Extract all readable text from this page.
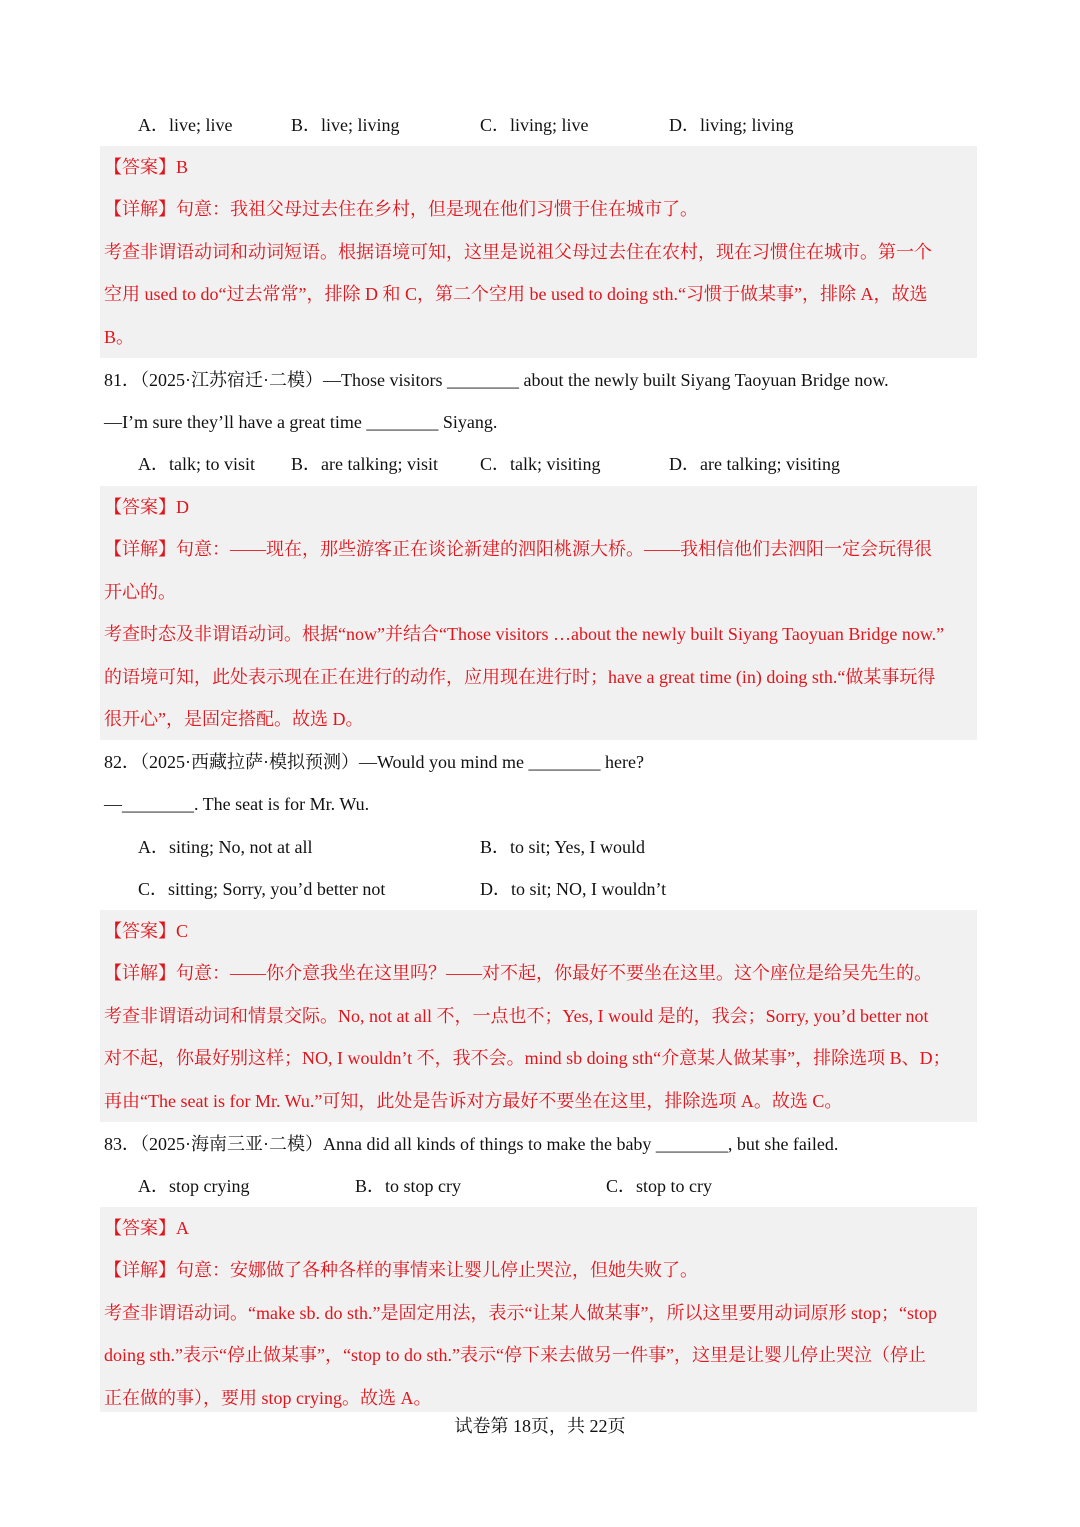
A．live; live	B．live; living	C．living; live	D．living; living
【答案】B
【详解】句意：我祖父母过去住在乡村，但是现在他们习惯于住在城市了。
考查非谓语动词和动词短语。根据语境可知，这里是说祖父母过去住在农村，现在习惯住在城市。第一个
空用 used to do“过去常常”，排除 D 和 C，第二个空用 be used to doing sth.“习惯于做某事”，排除 A，故选
B。
81．（2025·江苏宿迁·二模）—Those visitors ________ about the newly built Siyang Taoyuan Bridge now.
—I’m sure they’ll have a great time ________ Siyang.
A．talk; to visit B．are talking; visit C．talk; visiting	D．are talking; visiting
【答案】D
【详解】句意：——现在，那些游客正在谈论新建的泗阳桃源大桥。——我相信他们去泗阳一定会玩得很
开心的。
考查时态及非谓语动词。根据“now”并结合“Those visitors …about the newly built Siyang Taoyuan Bridge now.”
的语境可知，此处表示现在正在进行的动作，应用现在进行时；have a great time (in) doing sth.“做某事玩得
很开心”，是固定搭配。故选 D。
82．（2025·西藏拉萨·模拟预测）—Would you mind me ________ here?
—________. The seat is for Mr. Wu.
A．siting; No, not at all	B．to sit; Yes, I would
C．sitting; Sorry, you’d better not	D．to sit; NO, I wouldn’t
【答案】C
【详解】句意：——你介意我坐在这里吗？——对不起，你最好不要坐在这里。这个座位是给吴先生的。
考查非谓语动词和情景交际。No, not at all 不，一点也不；Yes, I would 是的，我会；Sorry, you’d better not
对不起，你最好别这样；NO, I wouldn’t 不，我不会。mind sb doing sth“介意某人做某事”，排除选项 B、D；
再由“The seat is for Mr. Wu.”可知，此处是告诉对方最好不要坐在这里，排除选项 A。故选 C。
83．（2025·海南三亚·二模）Anna did all kinds of things to make the baby ________, but she failed.
A．stop crying	B．to stop cry	C．stop to cry
【答案】A
【详解】句意：安娜做了各种各样的事情来让婴儿停止哭泣，但她失败了。
考查非谓语动词。“make sb. do sth.”是固定用法，表示“让某人做某事”，所以这里要用动词原形 stop；“stop
doing sth.”表示“停止做某事”，“stop to do sth.”表示“停下来去做另一件事”，这里是让婴儿停止哭泣（停止
正在做的事），要用 stop crying。故选 A。
试卷第 18页，共 22页
